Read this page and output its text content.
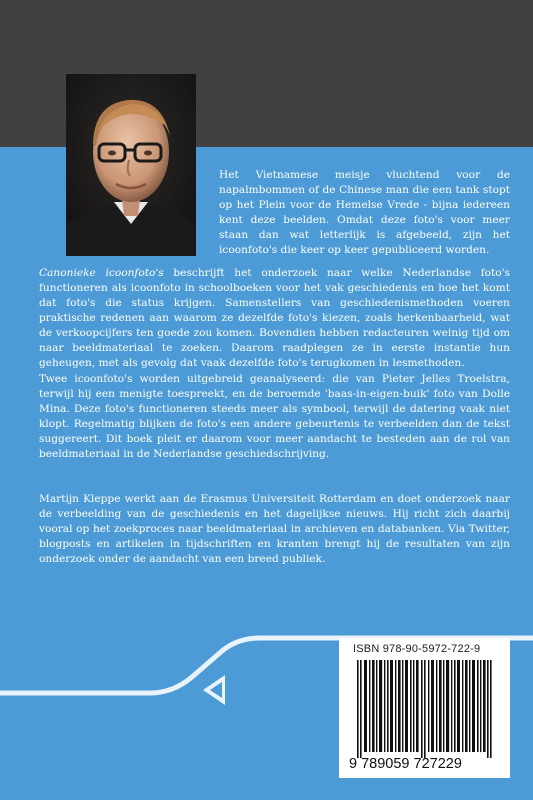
Het Vietnamese meisje vluchtend voor de napalmbommen of de Chinese man die een tank stopt op het Plein voor de Hemelse Vrede - bijna iedereen kent deze beelden. Omdat deze foto's voor meer staan dan wat letterlijk is afgebeeld, zijn het icoonfoto's die keer op keer gepubliceerd worden.

Canonieke icoonfoto's beschrijft het onderzoek naar welke Nederlandse foto's functioneren als icoonfoto in schoolboeken voor het vak geschiedenis en hoe het komt dat foto's die status krijgen. Samenstellers van geschiedenismethoden voeren praktische redenen aan waarom ze dezelfde foto's kiezen, zoals herkenbaarheid, wat de verkoopcijfers ten goede zou komen. Bovendien hebben redacteuren weinig tijd om naar beeldmateriaal te zoeken. Daarom raadplegen ze in eerste instantie hun geheugen, met als gevolg dat vaak dezelfde foto's terugkomen in lesmethoden.

Twee icoonfoto's worden uitgebreid geanalyseerd: die van Pieter Jelles Troelstra, terwijl hij een menigte toespreekt, en de beroemde 'baas-in-eigen-buik' foto van Dolle Mina. Deze foto's functioneren steeds meer als symbool, terwijl de datering vaak niet klopt. Regelmatig blijken de foto's een andere gebeurtenis te verbeelden dan de tekst suggereert. Dit boek pleit er daarom voor meer aandacht te besteden aan de rol van beeldmateriaal in de Nederlandse geschiedschrijving.

Martijn Kleppe werkt aan de Erasmus Universiteit Rotterdam en doet onderzoek naar de verbeelding van de geschiedenis en het dagelijkse nieuws. Hij richt zich daarbij vooral op het zoekproces naar beeldmateriaal in archieven en databanken. Via Twitter, blogposts en artikelen in tijdschriften en kranten brengt hij de resultaten van zijn onderzoek onder de aandacht van een breed publiek.

ISBN 978-90-5972-722-9
9 789059 727229
